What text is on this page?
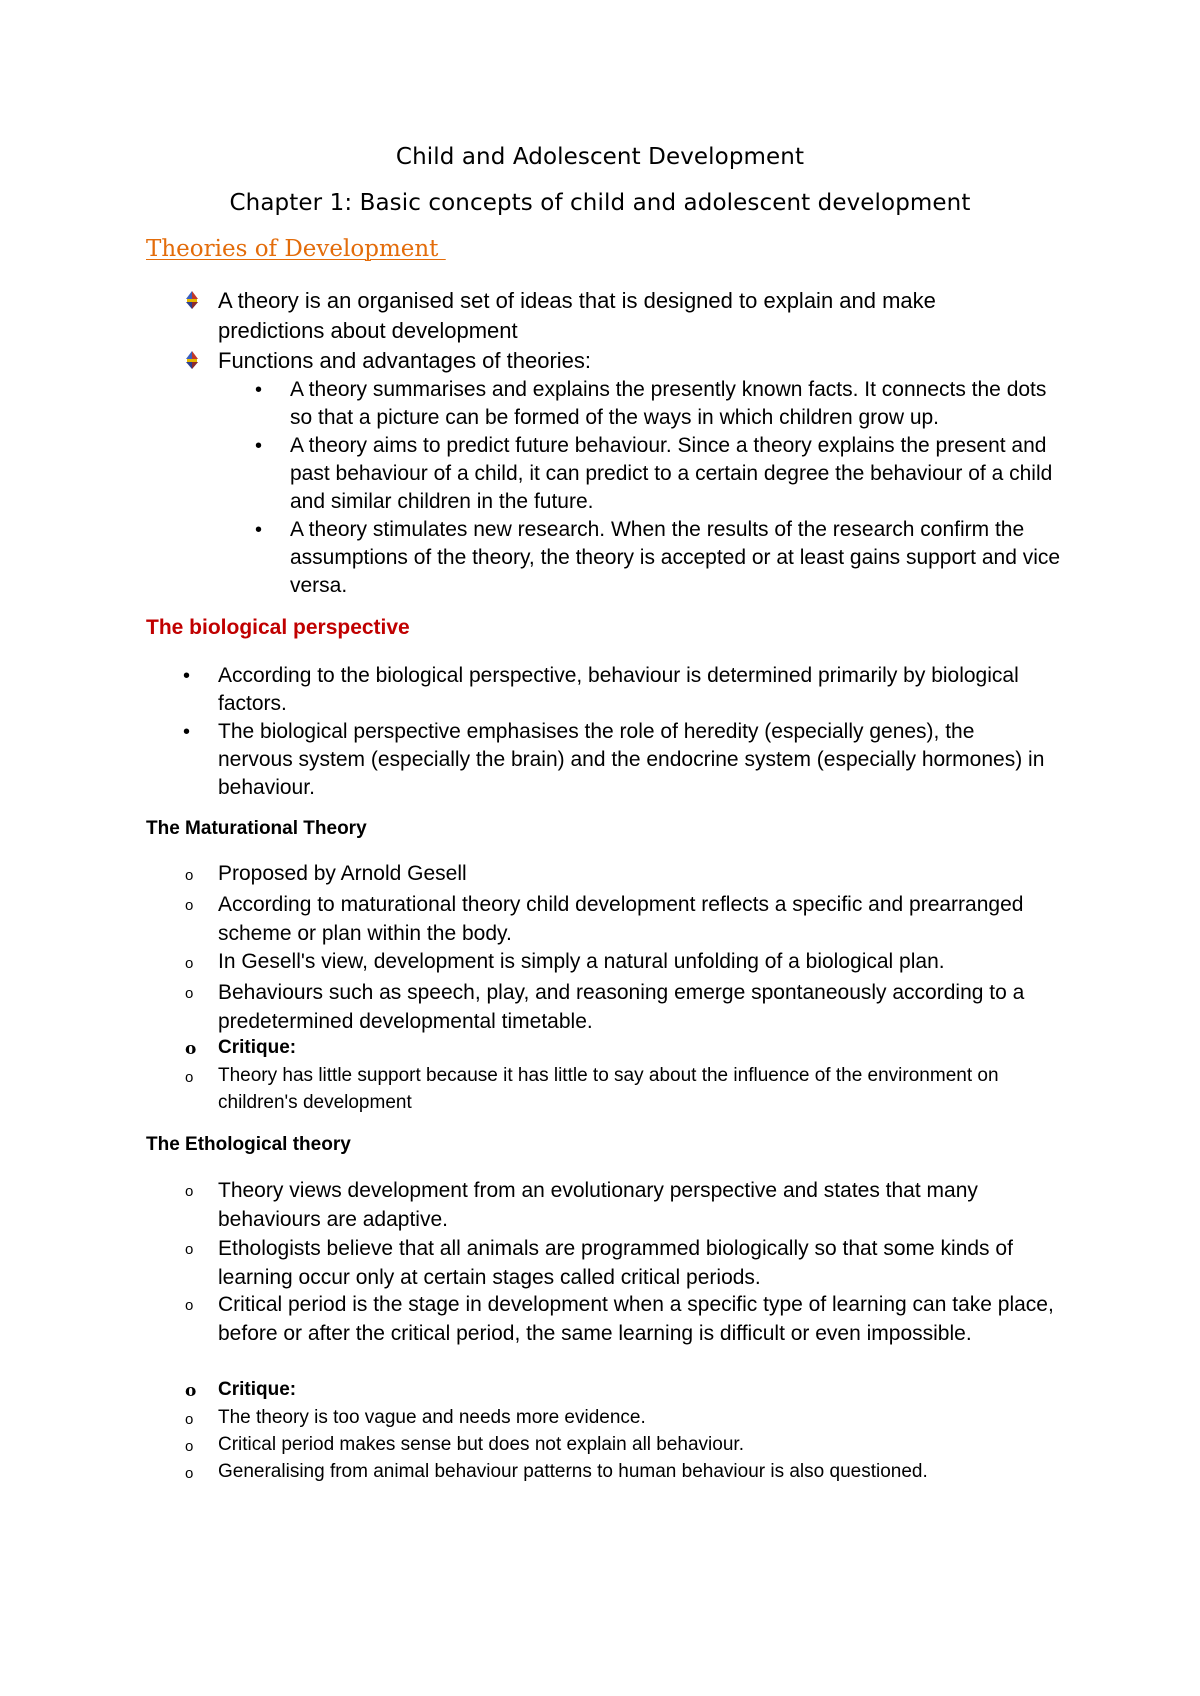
Child and Adolescent Development
Chapter 1: Basic concepts of child and adolescent development
Theories of Development
A theory is an organised set of ideas that is designed to explain and make predictions about development
Functions and advantages of theories:
• A theory summarises and explains the presently known facts. It connects the dots so that a picture can be formed of the ways in which children grow up.
• A theory aims to predict future behaviour. Since a theory explains the present and past behaviour of a child, it can predict to a certain degree the behaviour of a child and similar children in the future.
• A theory stimulates new research. When the results of the research confirm the assumptions of the theory, the theory is accepted or at least gains support and vice versa.
The biological perspective
• According to the biological perspective, behaviour is determined primarily by biological factors.
• The biological perspective emphasises the role of heredity (especially genes), the nervous system (especially the brain) and the endocrine system (especially hormones) in behaviour.
The Maturational Theory
o Proposed by Arnold Gesell
o According to maturational theory child development reflects a specific and prearranged scheme or plan within the body.
o In Gesell's view, development is simply a natural unfolding of a biological plan.
o Behaviours such as speech, play, and reasoning emerge spontaneously according to a predetermined developmental timetable.
o Critique:
o Theory has little support because it has little to say about the influence of the environment on children's development
The Ethological theory
o Theory views development from an evolutionary perspective and states that many behaviours are adaptive.
o Ethologists believe that all animals are programmed biologically so that some kinds of learning occur only at certain stages called critical periods.
o Critical period is the stage in development when a specific type of learning can take place, before or after the critical period, the same learning is difficult or even impossible.
o Critique:
o The theory is too vague and needs more evidence.
o Critical period makes sense but does not explain all behaviour.
o Generalising from animal behaviour patterns to human behaviour is also questioned.
